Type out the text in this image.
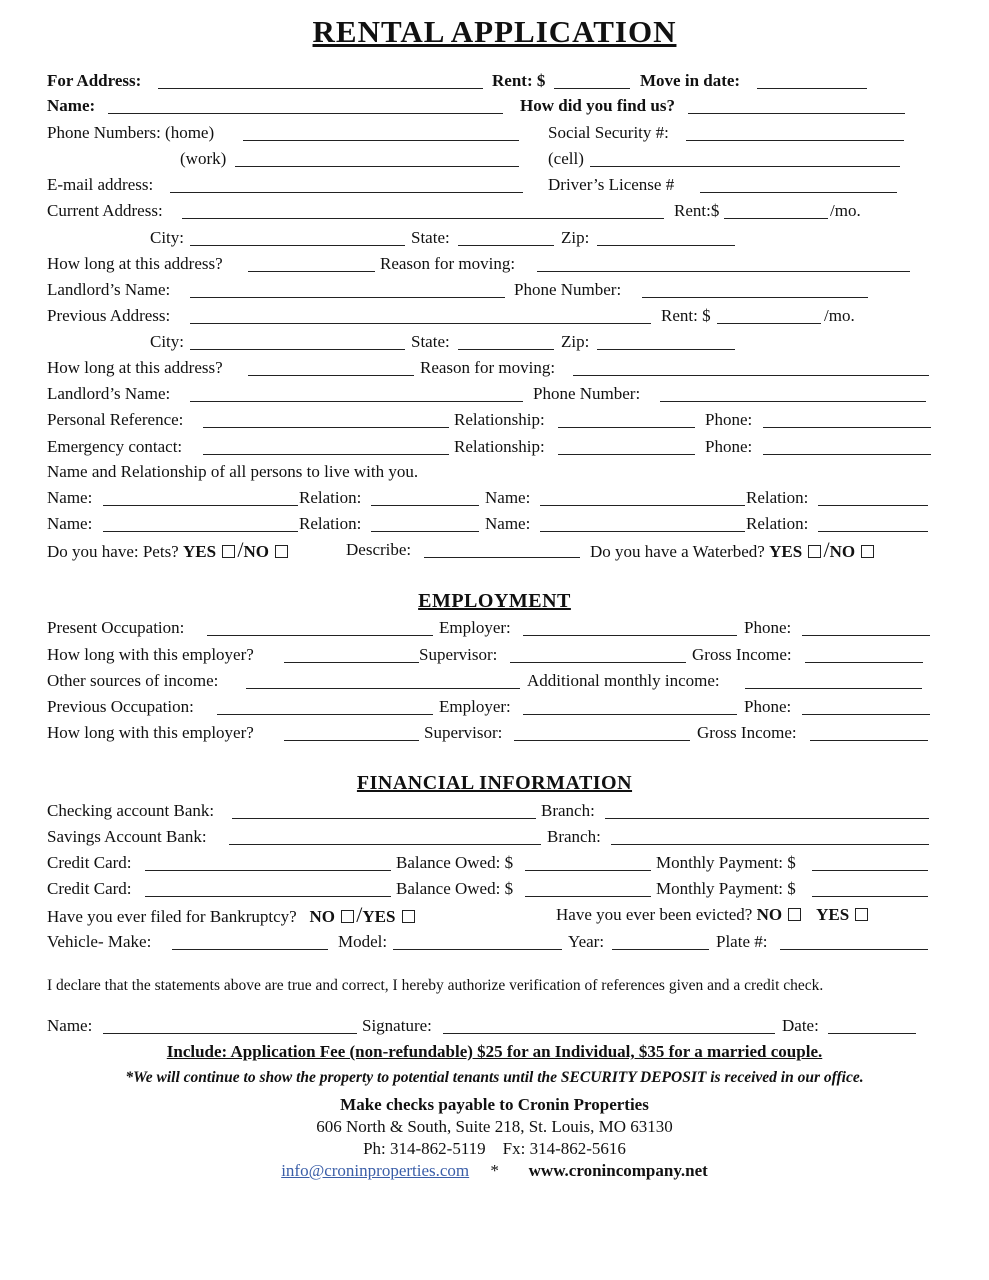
RENTAL APPLICATION
For Address:	Rent: $	Move in date:
Name:	How did you find us?
Phone Numbers: (home)	Social Security #:
(work)	(cell)
E-mail address:	Driver’s License #
Current Address:	Rent:$	/mo.
City:	State:	Zip:
How long at this address?	Reason for moving:
Landlord’s Name:	Phone Number:
Previous Address:	Rent: $	/mo.
City:	State:	Zip:
How long at this address?	Reason for moving:
Landlord’s Name:	Phone Number:
Personal Reference:	Relationship:	Phone:
Emergency contact:	Relationship:	Phone:
Name and Relationship of all persons to live with you.
Name:	Relation:	Name:	Relation:
Name:	Relation:	Name:	Relation:
Do you have: Pets? YES /NO	Describe:	Do you have a Waterbed? YES /NO
EMPLOYMENT
Present Occupation:	Employer:	Phone:
How long with this employer?	Supervisor:	Gross Income:
Other sources of income:	Additional monthly income:
Previous Occupation:	Employer:	Phone:
How long with this employer?	Supervisor:	Gross Income:
FINANCIAL INFORMATION
Checking account Bank:	Branch:
Savings Account Bank:	Branch:
Credit Card:	Balance Owed: $	Monthly Payment: $
Credit Card:	Balance Owed: $	Monthly Payment: $
Have you ever filed for Bankruptcy? NO /YES	Have you ever been evicted? NO YES
Vehicle- Make:	Model:	Year:	Plate #:
I declare that the statements above are true and correct, I hereby authorize verification of references given and a credit check.
Name:	Signature:	Date:
Include: Application Fee (non-refundable) $25 for an Individual, $35 for a married couple.
*We will continue to show the property to potential tenants until the SECURITY DEPOSIT is received in our office.
Make checks payable to Cronin Properties
606 North & South, Suite 218, St. Louis, MO 63130
Ph: 314-862-5119    Fx: 314-862-5616
info@croninproperties.com * www.cronincompany.net
